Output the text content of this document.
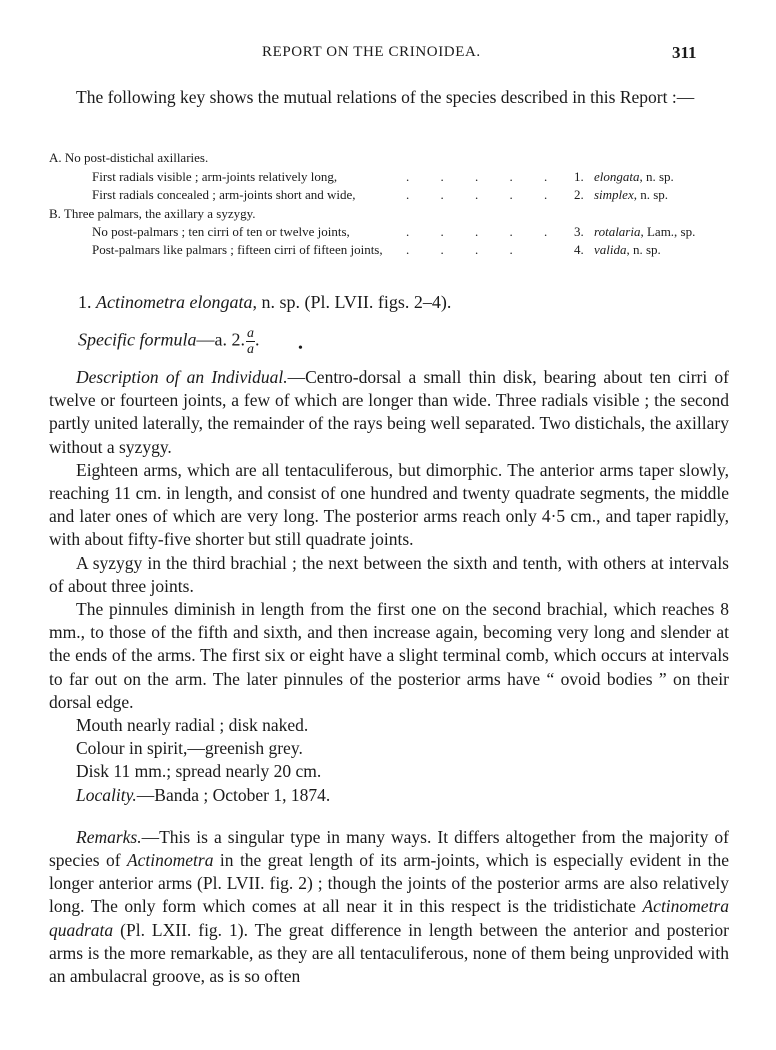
REPORT ON THE CRINOIDEA.	311
The following key shows the mutual relations of the species described in this Report :—
A. No post-distichal axillaries.
First radials visible ; arm-joints relatively long,	. . . . . 1. elongata, n. sp.
First radials concealed ; arm-joints short and wide,	. . . . . 2. simplex, n. sp.
B. Three palmars, the axillary a syzygy.
No post-palmars ; ten cirri of ten or twelve joints,	. . . . . 3. rotalaria, Lam., sp.
Post-palmars like palmars ; fifteen cirri of fifteen joints, . . . .	4. valida, n. sp.
1. Actinometra elongata, n. sp. (Pl. LVII. figs. 2–4).
Specific formula—a. 2. $\frac{a}{a}$ .	•

Description of an Individual.—Centro-dorsal a small thin disk, bearing about ten cirri of twelve or fourteen joints, a few of which are longer than wide. Three radials visible ; the second partly united laterally, the remainder of the rays being well separated. Two distichals, the axillary without a syzygy.

Eighteen arms, which are all tentaculiferous, but dimorphic. The anterior arms taper slowly, reaching 11 cm. in length, and consist of one hundred and twenty quadrate segments, the middle and later ones of which are very long. The posterior arms reach only 4·5 cm., and taper rapidly, with about fifty-five shorter but still quadrate joints.

A syzygy in the third brachial ; the next between the sixth and tenth, with others at intervals of about three joints.

The pinnules diminish in length from the first one on the second brachial, which reaches 8 mm., to those of the fifth and sixth, and then increase again, becoming very long and slender at the ends of the arms. The first six or eight have a slight terminal comb, which occurs at intervals to far out on the arm. The later pinnules of the posterior arms have “ ovoid bodies ” on their dorsal edge.

Mouth nearly radial ; disk naked.

Colour in spirit,—greenish grey.

Disk 11 mm.; spread nearly 20 cm.

Locality.—Banda ; October 1, 1874.

Remarks.—This is a singular type in many ways. It differs altogether from the majority of species of Actinometra in the great length of its arm-joints, which is especially evident in the longer anterior arms (Pl. LVII. fig. 2) ; though the joints of the posterior arms are also relatively long. The only form which comes at all near it in this respect is the tridistichate Actinometra quadrata (Pl. LXII. fig. 1). The great difference in length between the anterior and posterior arms is the more remarkable, as they are all tentaculiferous, none of them being unprovided with an ambulacral groove, as is so often
